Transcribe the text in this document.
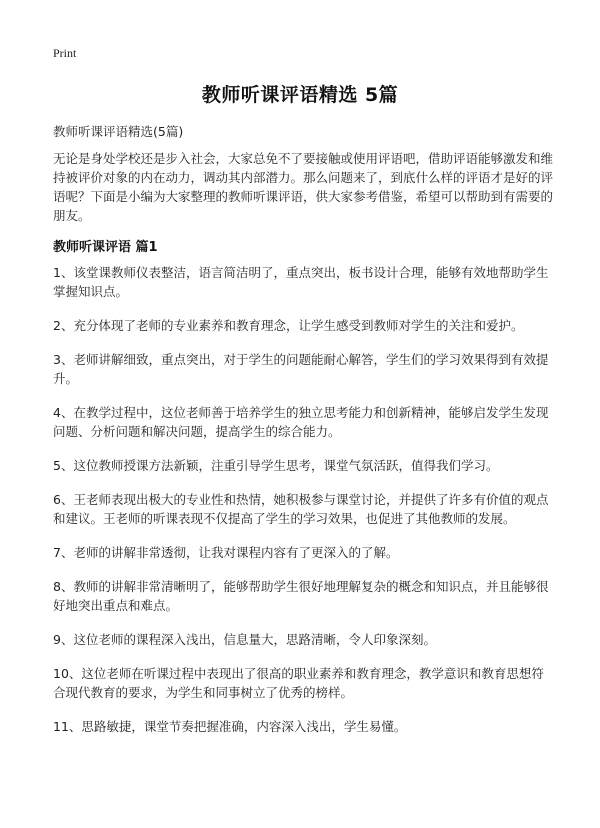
Print
教师听课评语精选 5篇
教师听课评语精选(5篇)

无论是身处学校还是步入社会，大家总免不了要接触或使用评语吧，借助评语能够激发和维持被评价对象的内在动力，调动其内部潜力。那么问题来了，到底什么样的评语才是好的评语呢？下面是小编为大家整理的教师听课评语，供大家参考借鉴，希望可以帮助到有需要的朋友。

教师听课评语 篇1
1、该堂课教师仪表整洁，语言简洁明了，重点突出，板书设计合理，能够有效地帮助学生掌握知识点。
2、充分体现了老师的专业素养和教育理念，让学生感受到教师对学生的关注和爱护。
3、老师讲解细致，重点突出，对于学生的问题能耐心解答，学生们的学习效果得到有效提升。
4、在教学过程中，这位老师善于培养学生的独立思考能力和创新精神，能够启发学生发现问题、分析问题和解决问题，提高学生的综合能力。
5、这位教师授课方法新颖，注重引导学生思考，课堂气氛活跃，值得我们学习。
6、王老师表现出极大的专业性和热情，她积极参与课堂讨论，并提供了许多有价值的观点和建议。王老师的听课表现不仅提高了学生的学习效果，也促进了其他教师的发展。
7、老师的讲解非常透彻，让我对课程内容有了更深入的了解。
8、教师的讲解非常清晰明了，能够帮助学生很好地理解复杂的概念和知识点，并且能够很好地突出重点和难点。
9、这位老师的课程深入浅出，信息量大，思路清晰，令人印象深刻。
10、这位老师在听课过程中表现出了很高的职业素养和教育理念，教学意识和教育思想符合现代教育的要求，为学生和同事树立了优秀的榜样。
11、思路敏捷，课堂节奏把握准确，内容深入浅出，学生易懂。
